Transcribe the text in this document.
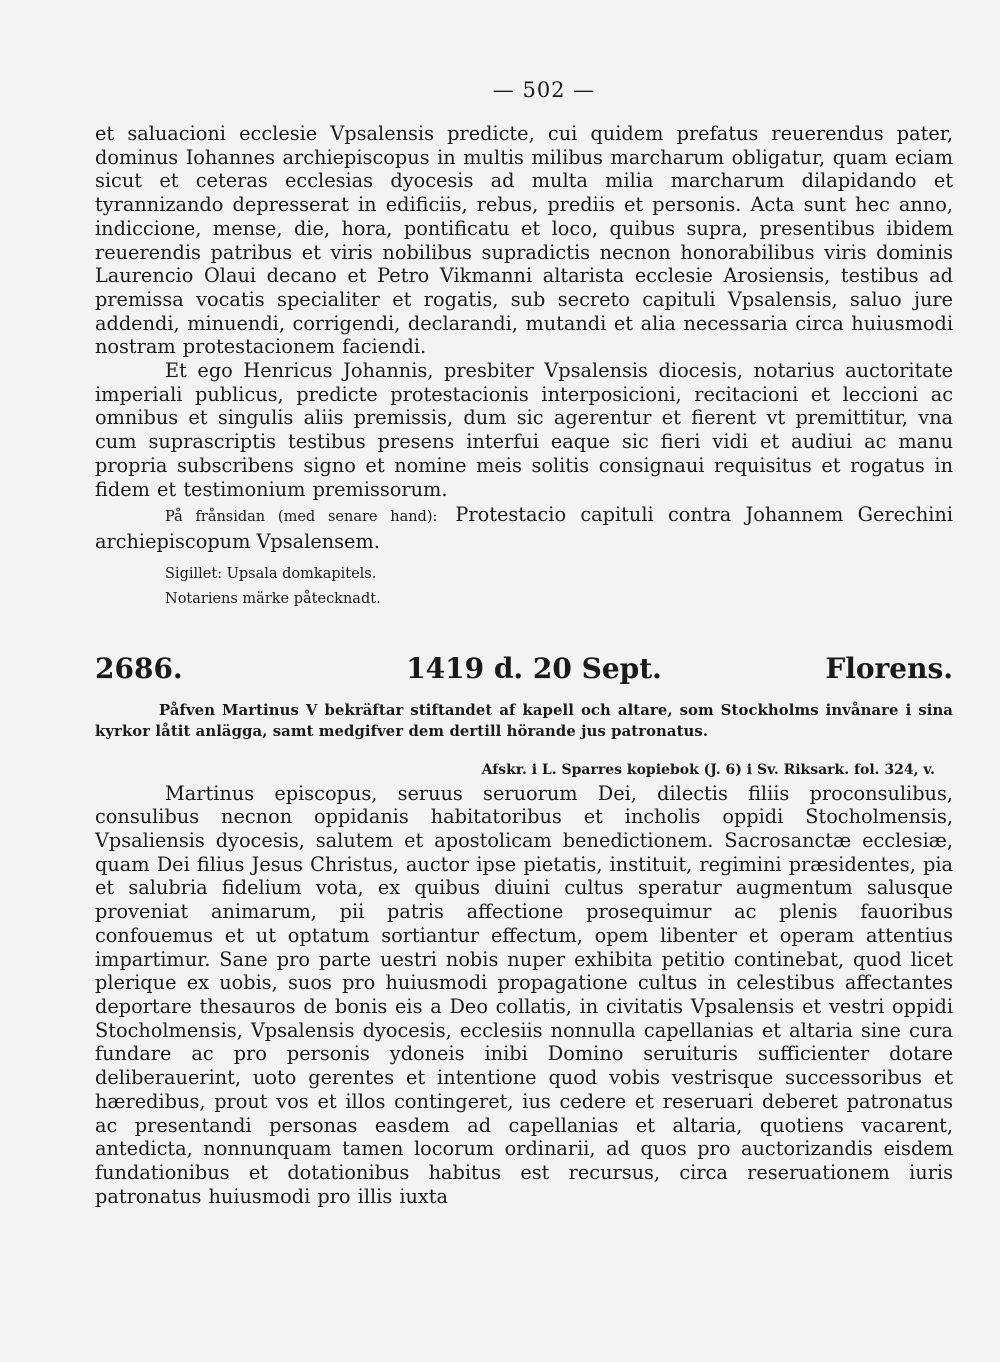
— 502 —

et saluacioni ecclesie Vpsalensis predicte, cui quidem prefatus reuerendus pater, dominus Iohannes archiepiscopus in multis milibus marcharum obligatur, quam eciam sicut et ceteras ecclesias dyocesis ad multa milia marcharum dilapidando et tyrannizando depresserat in edificiis, rebus, prediis et personis. Acta sunt hec anno, indiccione, mense, die, hora, pontificatu et loco, quibus supra, presentibus ibidem reuerendis patribus et viris nobilibus supradictis necnon honorabilibus viris dominis Laurencio Olaui decano et Petro Vikmanni altarista ecclesie Arosiensis, testibus ad premissa vocatis specialiter et rogatis, sub secreto capituli Vpsalensis, saluo jure addendi, minuendi, corrigendi, declarandi, mutandi et alia necessaria circa huiusmodi nostram protestacionem faciendi.

Et ego Henricus Johannis, presbiter Vpsalensis diocesis, notarius auctoritate imperiali publicus, predicte protestacionis interposicioni, recitacioni et leccioni ac omnibus et singulis aliis premissis, dum sic agerentur et fierent vt premittitur, vna cum suprascriptis testibus presens interfui eaque sic fieri vidi et audiui ac manu propria subscribens signo et nomine meis solitis consignaui requisitus et rogatus in fidem et testimonium premissorum.

På frånsidan (med senare hand): Protestacio capituli contra Johannem Gerechini archiepiscopum Vpsalensem.

Sigillet: Upsala domkapitels.

Notariens märke påtecknadt.

2686.	1419 d. 20 Sept.	Florens.

Påfven Martinus V bekräftar stiftandet af kapell och altare, som Stockholms invånare i sina kyrkor låtit anlägga, samt medgifver dem dertill hörande jus patronatus.

Afskr. i L. Sparres kopiebok (J. 6) i Sv. Riksark. fol. 324, v.

Martinus episcopus, seruus seruorum Dei, dilectis filiis proconsulibus, consulibus necnon oppidanis habitatoribus et incholis oppidi Stocholmensis, Vpsaliensis dyocesis, salutem et apostolicam benedictionem. Sacrosanctæ ecclesiæ, quam Dei filius Jesus Christus, auctor ipse pietatis, instituit, regimini præsidentes, pia et salubria fidelium vota, ex quibus diuini cultus speratur augmentum salusque proveniat animarum, pii patris affectione prosequimur ac plenis fauoribus confouemus et ut optatum sortiantur effectum, opem libenter et operam attentius impartimur. Sane pro parte uestri nobis nuper exhibita petitio continebat, quod licet plerique ex uobis, suos pro huiusmodi propagatione cultus in celestibus affectantes deportare thesauros de bonis eis a Deo collatis, in civitatis Vpsalensis et vestri oppidi Stocholmensis, Vpsalensis dyocesis, ecclesiis nonnulla capellanias et altaria sine cura fundare ac pro personis ydoneis inibi Domino seruituris sufficienter dotare deliberauerint, uoto gerentes et intentione quod vobis vestrisque successoribus et hæredibus, prout vos et illos contingeret, ius cedere et reseruari deberet patronatus ac presentandi personas easdem ad capellanias et altaria, quotiens vacarent, antedicta, nonnunquam tamen locorum ordinarii, ad quos pro auctorizandis eisdem fundationibus et dotationibus habitus est recursus, circa reseruationem iuris patronatus huiusmodi pro illis iuxta
